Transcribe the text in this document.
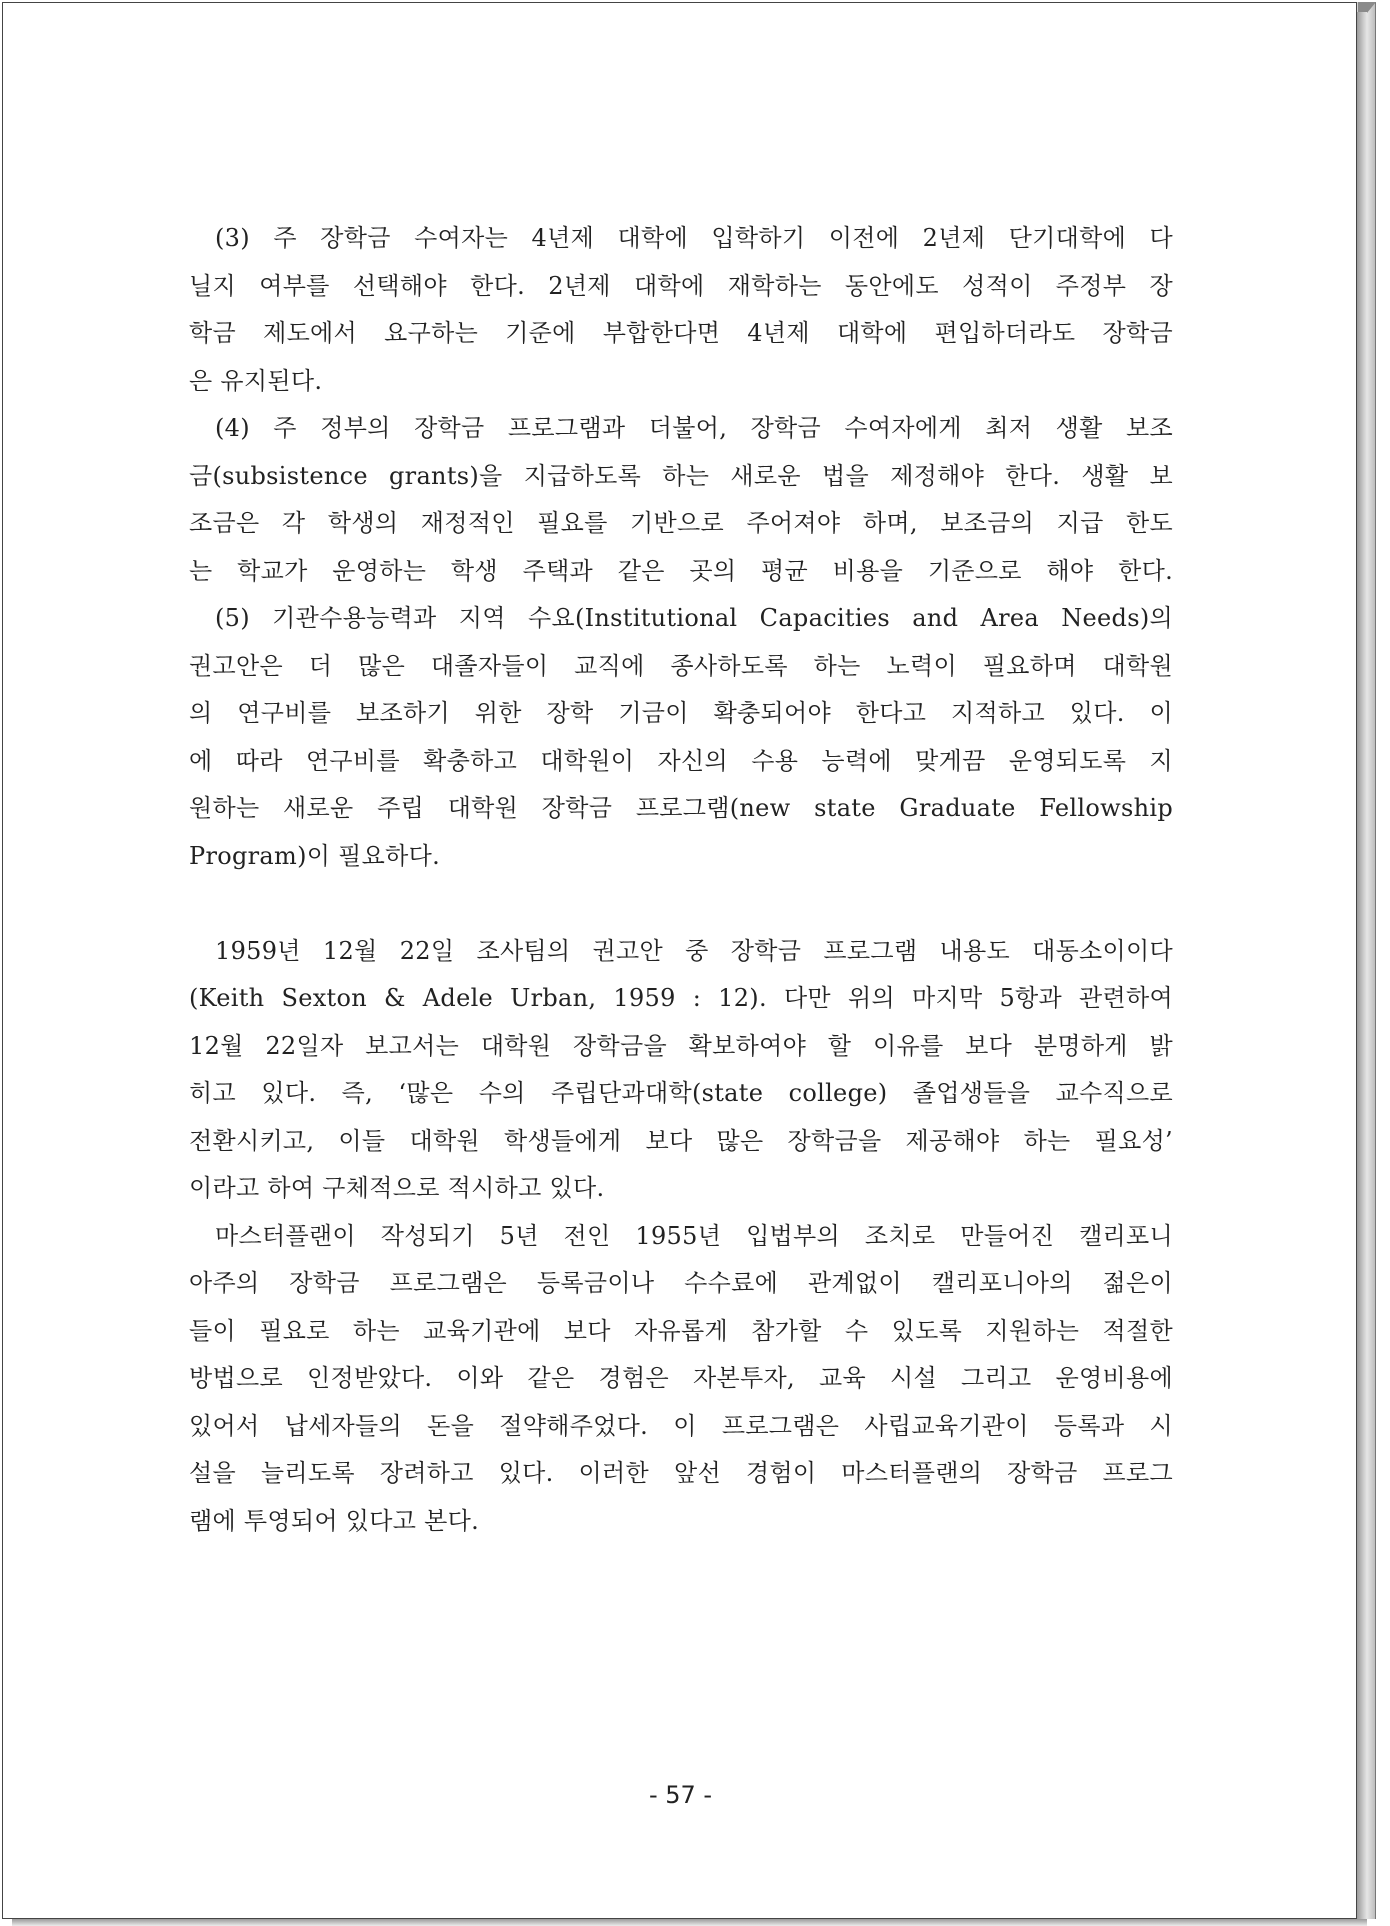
(3) 주 장학금 수여자는 4년제 대학에 입학하기 이전에 2년제 단기대학에 다
닐지 여부를 선택해야 한다. 2년제 대학에 재학하는 동안에도 성적이 주정부 장
학금 제도에서 요구하는 기준에 부합한다면 4년제 대학에 편입하더라도 장학금
은 유지된다.
(4) 주 정부의 장학금 프로그램과 더불어, 장학금 수여자에게 최저 생활 보조
금(subsistence grants)을 지급하도록 하는 새로운 법을 제정해야 한다. 생활 보
조금은 각 학생의 재정적인 필요를 기반으로 주어져야 하며, 보조금의 지급 한도
는 학교가 운영하는 학생 주택과 같은 곳의 평균 비용을 기준으로 해야 한다.
(5) 기관수용능력과 지역 수요(Institutional Capacities and Area Needs)의
권고안은 더 많은 대졸자들이 교직에 종사하도록 하는 노력이 필요하며 대학원
의 연구비를 보조하기 위한 장학 기금이 확충되어야 한다고 지적하고 있다. 이
에 따라 연구비를 확충하고 대학원이 자신의 수용 능력에 맞게끔 운영되도록 지
원하는 새로운 주립 대학원 장학금 프로그램(new state Graduate Fellowship
Program)이 필요하다.
1959년 12월 22일 조사팀의 권고안 중 장학금 프로그램 내용도 대동소이이다
(Keith Sexton & Adele Urban, 1959 : 12). 다만 위의 마지막 5항과 관련하여
12월 22일자 보고서는 대학원 장학금을 확보하여야 할 이유를 보다 분명하게 밝
히고 있다. 즉, ‘많은 수의 주립단과대학(state college) 졸업생들을 교수직으로
전환시키고, 이들 대학원 학생들에게 보다 많은 장학금을 제공해야 하는 필요성’
이라고 하여 구체적으로 적시하고 있다.
마스터플랜이 작성되기 5년 전인 1955년 입법부의 조치로 만들어진 캘리포니
아주의 장학금 프로그램은 등록금이나 수수료에 관계없이 캘리포니아의 젊은이
들이 필요로 하는 교육기관에 보다 자유롭게 참가할 수 있도록 지원하는 적절한
방법으로 인정받았다. 이와 같은 경험은 자본투자, 교육 시설 그리고 운영비용에
있어서 납세자들의 돈을 절약해주었다. 이 프로그램은 사립교육기관이 등록과 시
설을 늘리도록 장려하고 있다. 이러한 앞선 경험이 마스터플랜의 장학금 프로그
램에 투영되어 있다고 본다.
- 57 -
